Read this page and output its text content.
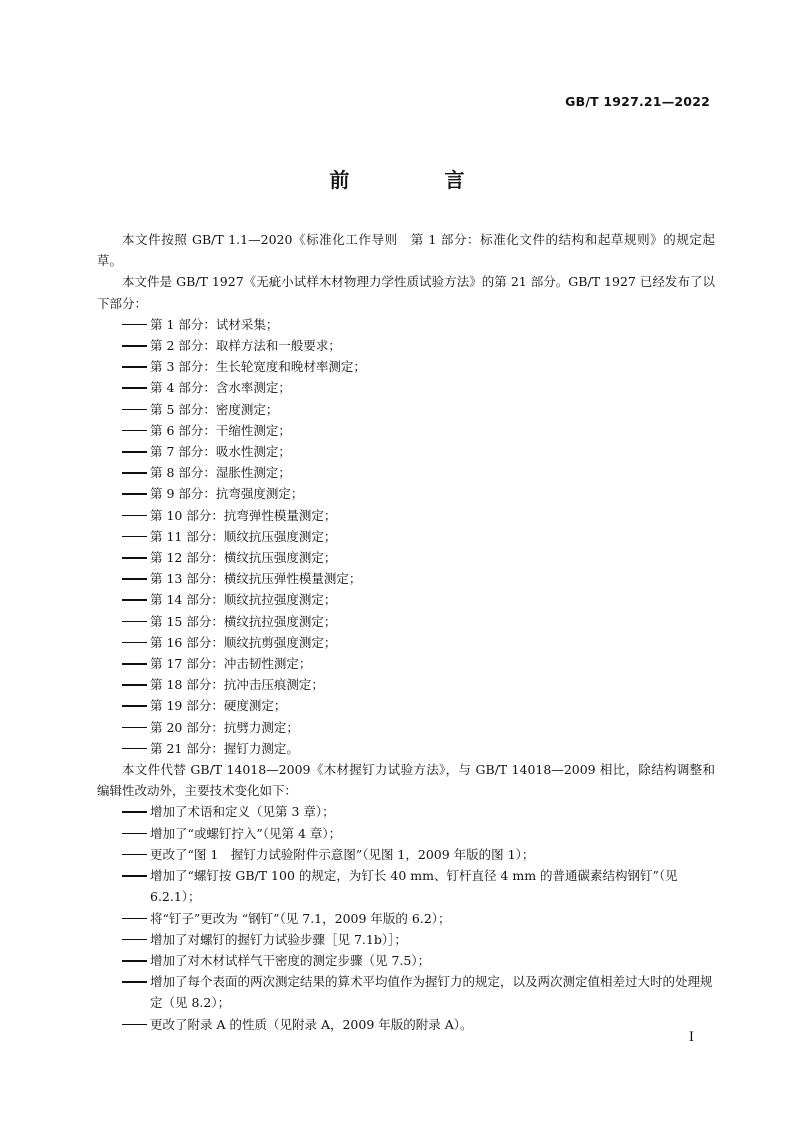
GB/T 1927.21—2022
前 言

本文件按照 GB/T 1.1—2020《标准化工作导则　第 1 部分：标准化文件的结构和起草规则》的规定起草。

本文件是 GB/T 1927《无疵小试样木材物理力学性质试验方法》的第 21 部分。GB/T 1927 已经发布了以下部分：

第 1 部分：试材采集；

第 2 部分：取样方法和一般要求；

第 3 部分：生长轮宽度和晚材率测定；

第 4 部分：含水率测定；

第 5 部分：密度测定；

第 6 部分：干缩性测定；

第 7 部分：吸水性测定；

第 8 部分：湿胀性测定；

第 9 部分：抗弯强度测定；

第 10 部分：抗弯弹性模量测定；

第 11 部分：顺纹抗压强度测定；

第 12 部分：横纹抗压强度测定；

第 13 部分：横纹抗压弹性模量测定；

第 14 部分：顺纹抗拉强度测定；

第 15 部分：横纹抗拉强度测定；

第 16 部分：顺纹抗剪强度测定；

第 17 部分：冲击韧性测定；

第 18 部分：抗冲击压痕测定；

第 19 部分：硬度测定；

第 20 部分：抗劈力测定；

第 21 部分：握钉力测定。

本文件代替 GB/T 14018—2009《木材握钉力试验方法》，与 GB/T 14018—2009 相比，除结构调整和编辑性改动外，主要技术变化如下：

增加了术语和定义（见第 3 章）；

增加了“或螺钉拧入”（见第 4 章）；

更改了“图 1　握钉力试验附件示意图”（见图 1，2009 年版的图 1）；

增加了“螺钉按 GB/T 100 的规定，为钉长 40 mm、钉杆直径 4 mm 的普通碳素结构钢钉”（见 6.2.1）；

将“钉子”更改为 “钢钉”（见 7.1，2009 年版的 6.2）；

增加了对螺钉的握钉力试验步骤［见 7.1b）］；

增加了对木材试样气干密度的测定步骤（见 7.5）；

增加了每个表面的两次测定结果的算术平均值作为握钉力的规定，以及两次测定值相差过大时的处理规定（见 8.2）；

更改了附录 A 的性质（见附录 A，2009 年版的附录 A）。

I
